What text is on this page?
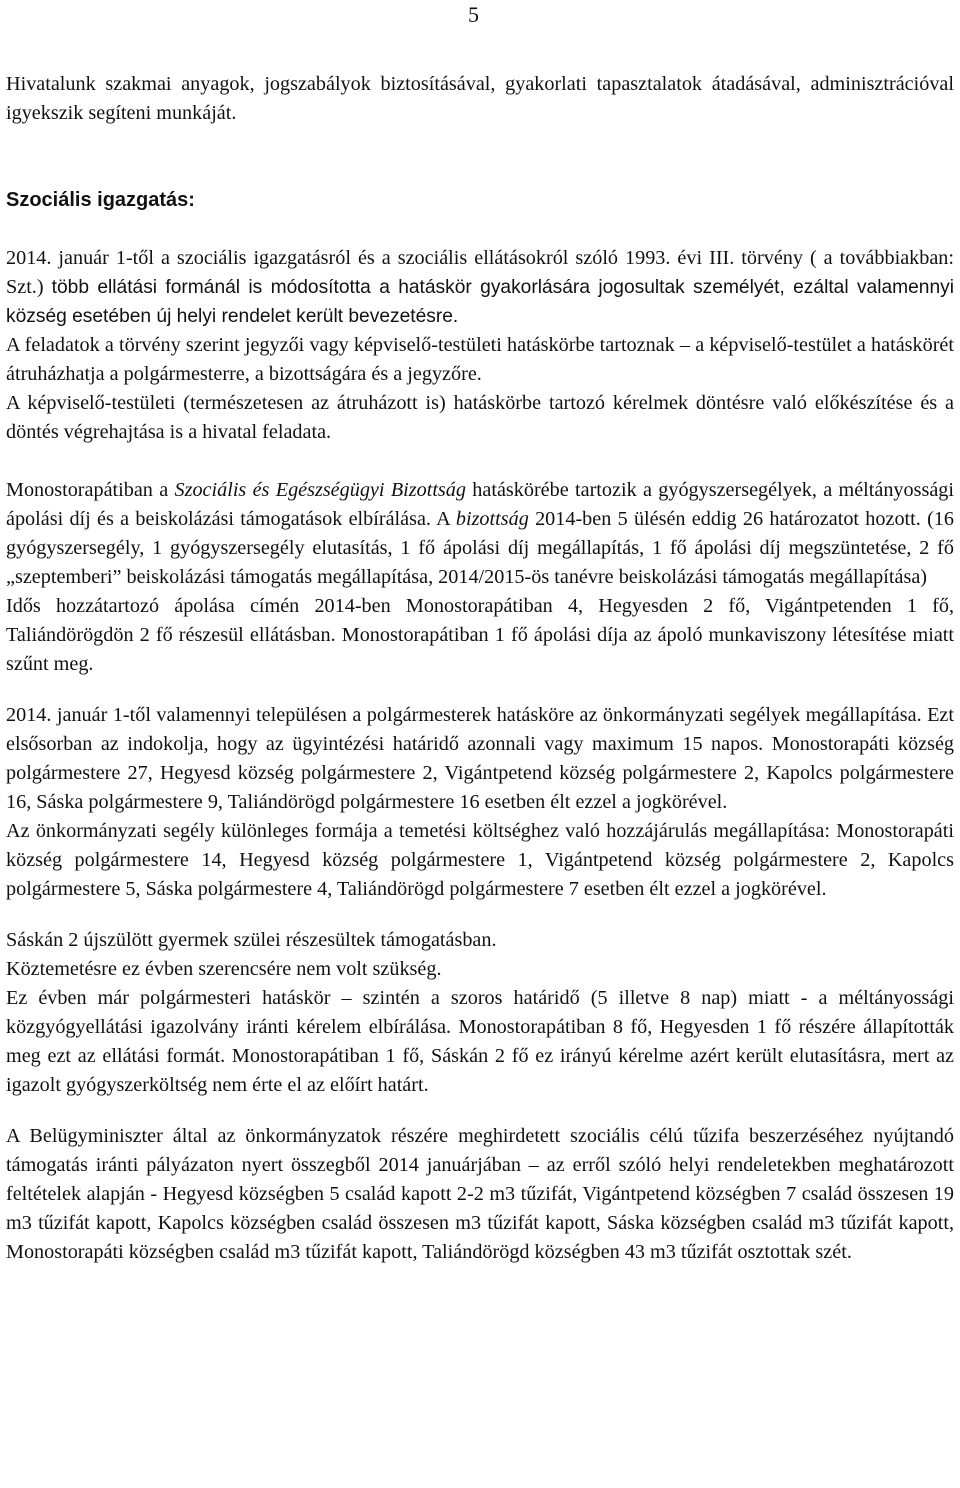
5

Hivatalunk szakmai anyagok, jogszabályok biztosításával, gyakorlati tapasztalatok átadásával, adminisztrációval igyekszik segíteni munkáját.

Szociális igazgatás:

2014. január 1-től a szociális igazgatásról és a szociális ellátásokról szóló 1993. évi III. törvény ( a továbbiakban: Szt.) több ellátási formánál is módosította a hatáskör gyakorlására jogosultak személyét, ezáltal valamennyi község esetében új helyi rendelet került bevezetésre.

A feladatok a törvény szerint jegyzői vagy képviselő-testületi hatáskörbe tartoznak – a képviselő-testület a hatáskörét átruházhatja a polgármesterre, a bizottságára és a jegyzőre.

A képviselő-testületi (természetesen az átruházott is) hatáskörbe tartozó kérelmek döntésre való előkészítése és a döntés végrehajtása is a hivatal feladata.

Monostorapátiban a Szociális és Egészségügyi Bizottság hatáskörébe tartozik a gyógyszersegélyek, a méltányossági ápolási díj és a beiskolázási támogatások elbírálása. A bizottság 2014-ben 5 ülésén eddig 26 határozatot hozott. (16 gyógyszersegély, 1 gyógyszersegély elutasítás, 1 fő ápolási díj megállapítás, 1 fő ápolási díj megszüntetése, 2 fő „szeptemberi” beiskolázási támogatás megállapítása, 2014/2015-ös tanévre beiskolázási támogatás megállapítása)

Idős hozzátartozó ápolása címén 2014-ben Monostorapátiban 4, Hegyesden 2 fő, Vigántpetenden 1 fő, Taliándörögdön 2 fő részesül ellátásban. Monostorapátiban 1 fő ápolási díja az ápoló munkaviszony létesítése miatt szűnt meg.

2014. január 1-től valamennyi településen a polgármesterek hatásköre az önkormányzati segélyek megállapítása. Ezt elsősorban az indokolja, hogy az ügyintézési határidő azonnali vagy maximum 15 napos. Monostorapáti község polgármestere 27, Hegyesd község polgármestere 2, Vigántpetend község polgármestere 2, Kapolcs polgármestere 16, Sáska polgármestere 9, Taliándörögd polgármestere 16 esetben élt ezzel a jogkörével.

Az önkormányzati segély különleges formája a temetési költséghez való hozzájárulás megállapítása: Monostorapáti község polgármestere 14, Hegyesd község polgármestere 1, Vigántpetend község polgármestere 2, Kapolcs polgármestere 5, Sáska polgármestere 4, Taliándörögd polgármestere 7 esetben élt ezzel a jogkörével.

Sáskán 2 újszülött gyermek szülei részesültek támogatásban.

Köztemetésre ez évben szerencsére nem volt szükség.

Ez évben már polgármesteri hatáskör – szintén a szoros határidő (5 illetve 8 nap) miatt - a méltányossági közgyógyellátási igazolvány iránti kérelem elbírálása. Monostorapátiban 8 fő, Hegyesden 1 fő részére állapították meg ezt az ellátási formát. Monostorapátiban 1 fő, Sáskán 2 fő ez irányú kérelme azért került elutasításra, mert az igazolt gyógyszerköltség nem érte el az előírt határt.

A Belügyminiszter által az önkormányzatok részére meghirdetett szociális célú tűzifa beszerzéséhez nyújtandó támogatás iránti pályázaton nyert összegből 2014 januárjában – az erről szóló helyi rendeletekben meghatározott feltételek alapján - Hegyesd községben 5 család kapott 2-2 m3 tűzifát, Vigántpetend községben 7 család összesen 19 m3 tűzifát kapott, Kapolcs községben család összesen m3 tűzifát kapott, Sáska községben család m3 tűzifát kapott, Monostorapáti községben család m3 tűzifát kapott, Taliándörögd községben 43 m3 tűzifát osztottak szét.
